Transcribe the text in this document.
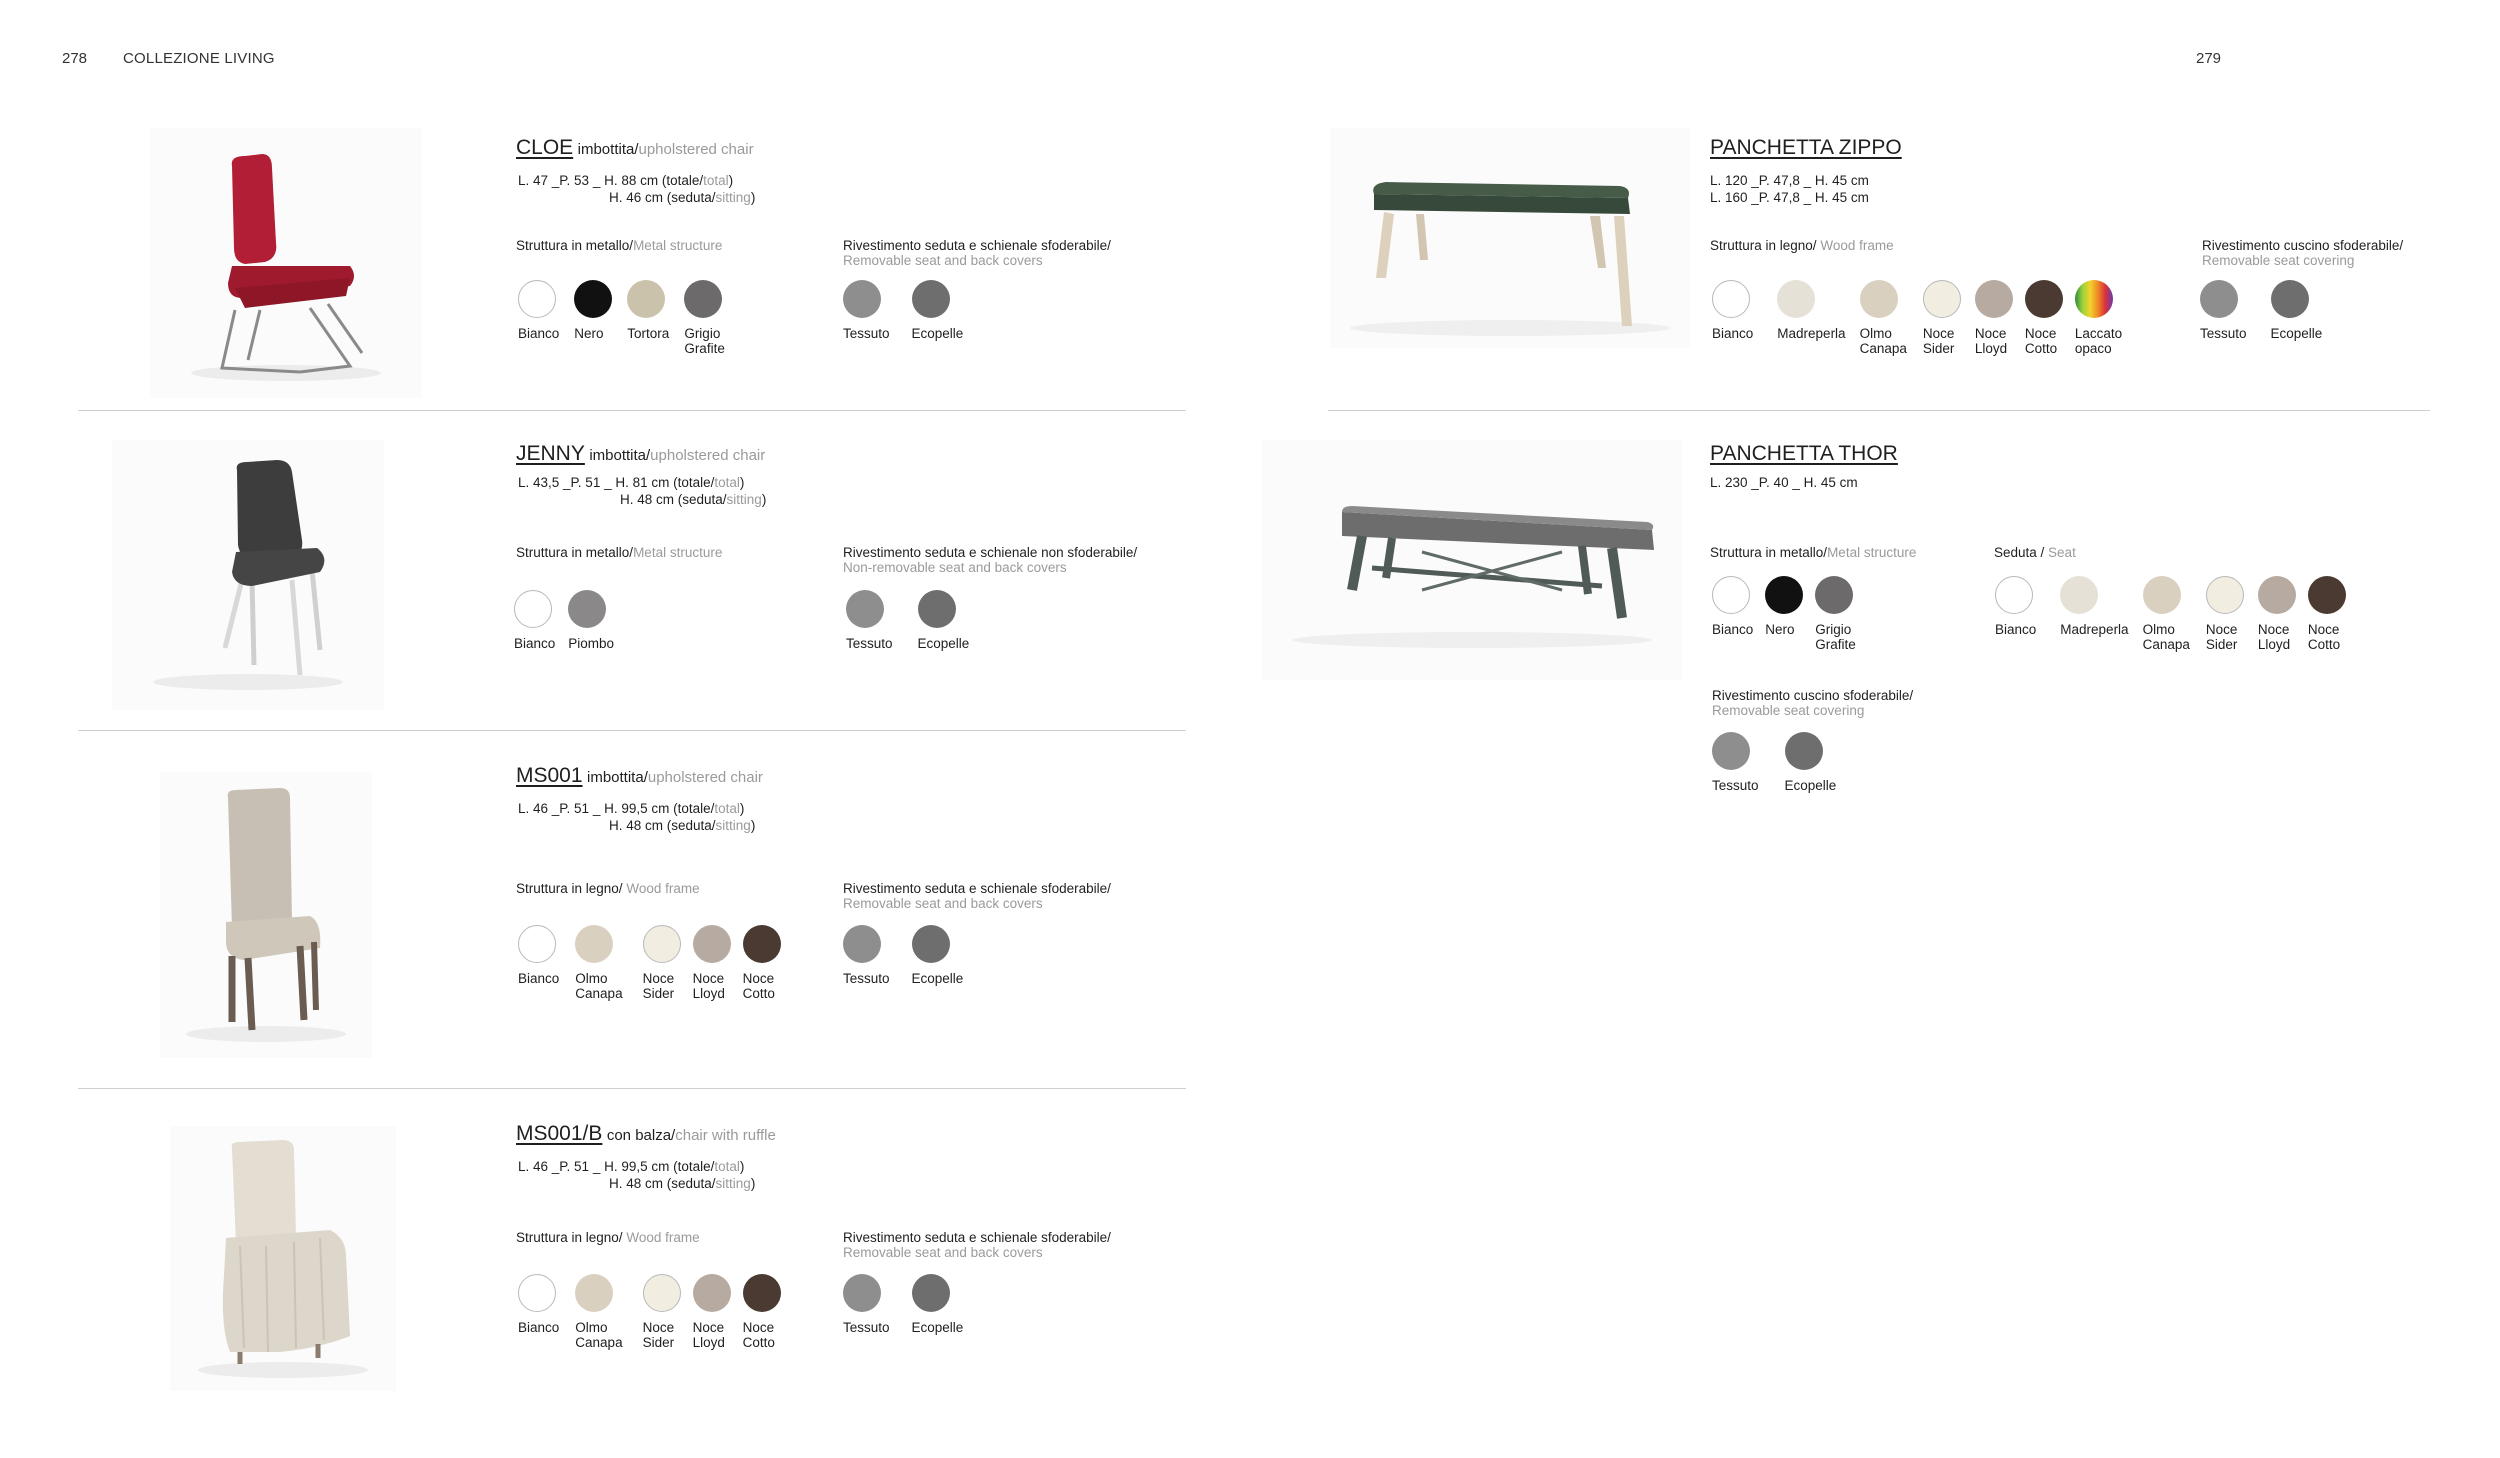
278 COLLEZIONE LIVING	279
CLOE imbottita/upholstered chair
L. 47 _P. 53 _ H. 88 cm (totale/total)
H. 46 cm (seduta/sitting)
Struttura in metallo/Metal structure	Rivestimento seduta e schienale sfoderabile/
Removable seat and back covers
Bianco Nero Tortora Grigio
Grafite
Tessuto Ecopelle
JENNY imbottita/upholstered chair
L. 43,5 _P. 51 _ H. 81 cm (totale/total)
H. 48 cm (seduta/sitting)
Struttura in metallo/Metal structure	Rivestimento seduta e schienale non sfoderabile/
Non-removable seat and back covers
Bianco Piombo	Tessuto Ecopelle
MS001 imbottita/upholstered chair
L. 46 _P. 51 _ H. 99,5 cm (totale/total)
H. 48 cm (seduta/sitting)
Struttura in legno/ Wood frame	Rivestimento seduta e schienale sfoderabile/
Removable seat and back covers
Bianco Olmo
Canapa
Noce
Sider
Noce
Lloyd
Noce
Cotto
Tessuto Ecopelle
MS001/B con balza/chair with ruffle
L. 46 _P. 51 _ H. 99,5 cm (totale/total)
H. 48 cm (seduta/sitting)
Struttura in legno/ Wood frame	Rivestimento seduta e schienale sfoderabile/
Removable seat and back covers
Bianco Olmo
Canapa
Noce
Sider
Noce
Lloyd
Noce
Cotto
Tessuto Ecopelle
PANCHETTA ZIPPO
L. 120 _P. 47,8 _ H. 45 cm
L. 160 _P. 47,8 _ H. 45 cm
Struttura in legno/ Wood frame	Rivestimento cuscino sfoderabile/
Removable seat covering
Bianco Madreperla Olmo
Canapa
Noce
Sider
Noce
Lloyd
Noce
Cotto
Laccato
opaco
Tessuto Ecopelle
PANCHETTA THOR
L. 230 _P. 40 _ H. 45 cm
Struttura in metallo/Metal structure	Seduta / Seat
Bianco Nero Grigio
Grafite
Bianco Madreperla Olmo
Canapa
Noce
Sider
Noce
Lloyd
Noce
Cotto
Rivestimento cuscino sfoderabile/
Removable seat covering
Tessuto Ecopelle
